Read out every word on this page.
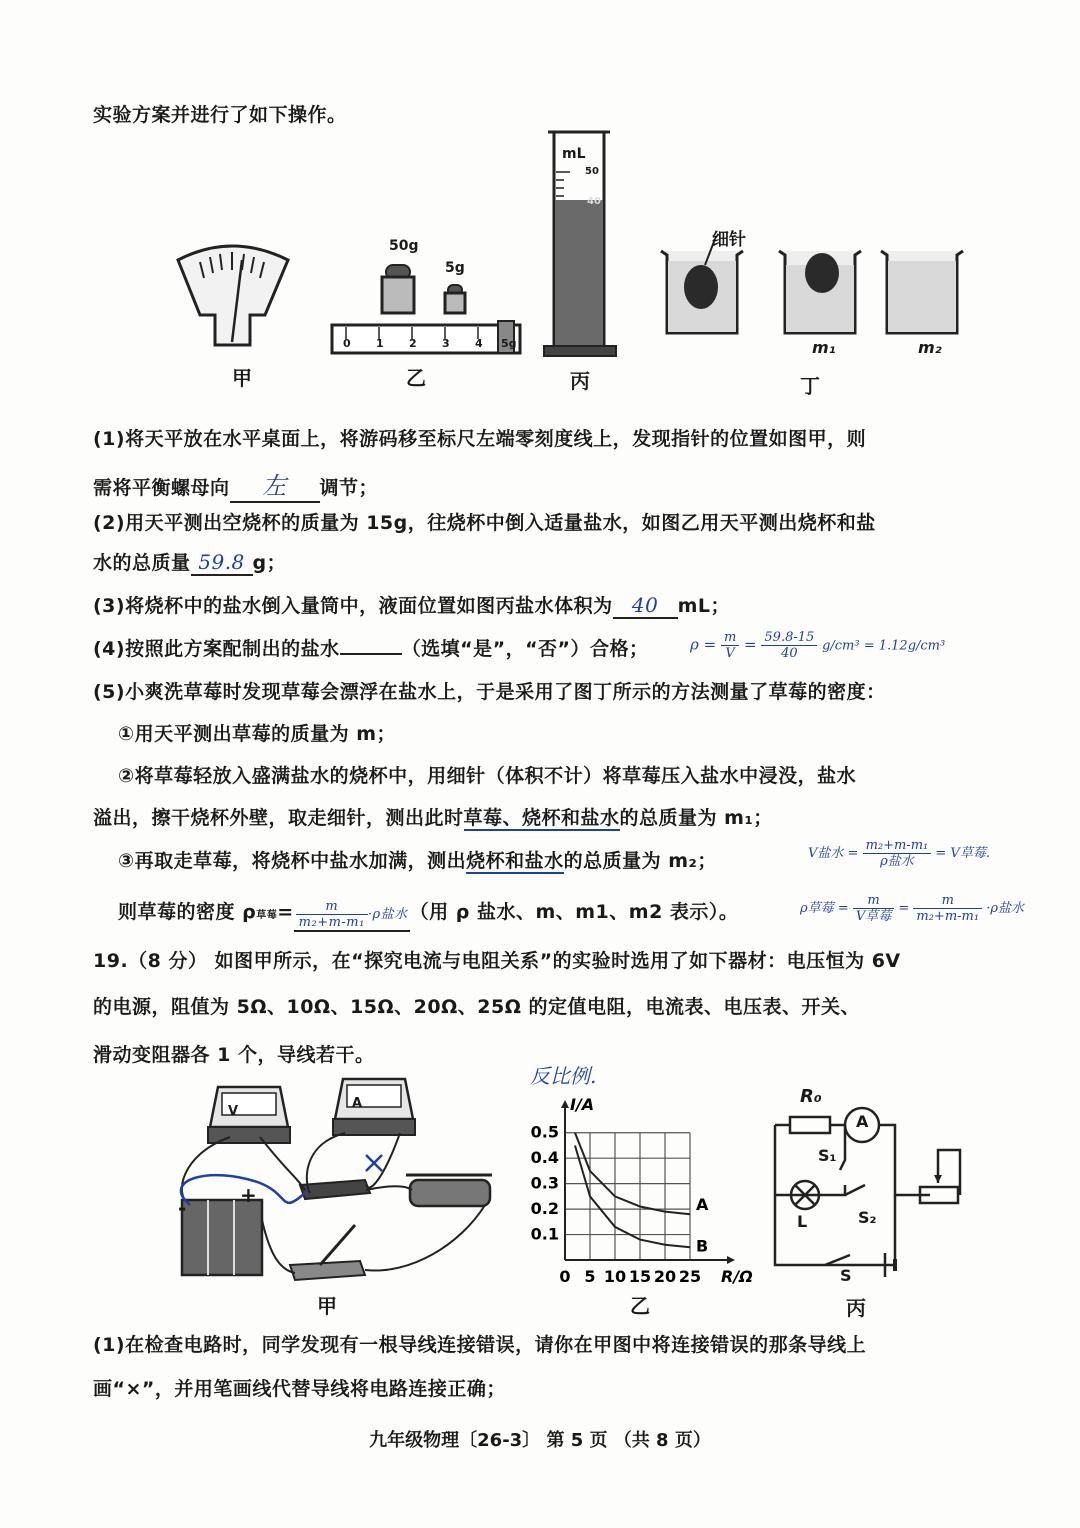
实验方案并进行了如下操作。
甲
50g
5g
0 1 2 3 4 5g
乙
mL
50
40
丙
细针
m₁	m₂
丁
(1)将天平放在水平桌面上，将游码移至标尺左端零刻度线上，发现指针的位置如图甲，则
需将平衡螺母向 左 调节；
(2)用天平测出空烧杯的质量为 15g，往烧杯中倒入适量盐水，如图乙用天平测出烧杯和盐
水的总质量 59.8 g；
(3)将烧杯中的盐水倒入量筒中，液面位置如图丙盐水体积为 40 mL；
(4)按照此方案配制出的盐水	（选填“是”，“否”）合格；	$\rho = \frac{m}{V} = \frac{59.8-15}{40} g/cm^3 = 1.12g/cm^3$
(5)小爽洗草莓时发现草莓会漂浮在盐水上，于是采用了图丁所示的方法测量了草莓的密度：
①用天平测出草莓的质量为 m；
②将草莓轻放入盛满盐水的烧杯中，用细针（体积不计）将草莓压入盐水中浸没，盐水
溢出，擦干烧杯外壁，取走细针，测出此时草莓、烧杯和盐水的总质量为 m₁；
③再取走草莓，将烧杯中盐水加满，测出烧杯和盐水的总质量为 m₂；	V盐水 = $\frac{\text{m₂+m-m₁}}{\text{ρ盐水}} = V$草莓.
则草莓的密度 ρ草莓= $\frac{m}{\text{m₂+m-m₁}} \cdot\rho$盐水 （用 ρ 盐水、m、m1、m2 表示）。	ρ草莓 = $\frac{m}{\text{V草莓}} = \frac{m}{\text{m₂+m-m₁}} \cdot\rho$盐水
19.（8 分） 如图甲所示，在“探究电流与电阻关系”的实验时选用了如下器材：电压恒为 6V
的电源，阻值为 5Ω、10Ω、15Ω、20Ω、25Ω 的定值电阻，电流表、电压表、开关、
滑动变阻器各 1 个，导线若干。
反比例.
V
A
-
+
甲
0.1
0.2
0.3
0.4
0.5
0 5 10 15 20 25
I/A
R/Ω
A
B
乙
R₀
A
S₁
S₂
L
S
丙
(1)在检查电路时，同学发现有一根导线连接错误，请你在甲图中将连接错误的那条导线上
画“×”，并用笔画线代替导线将电路连接正确；
九年级物理〔26-3〕 第 5 页 （共 8 页）
